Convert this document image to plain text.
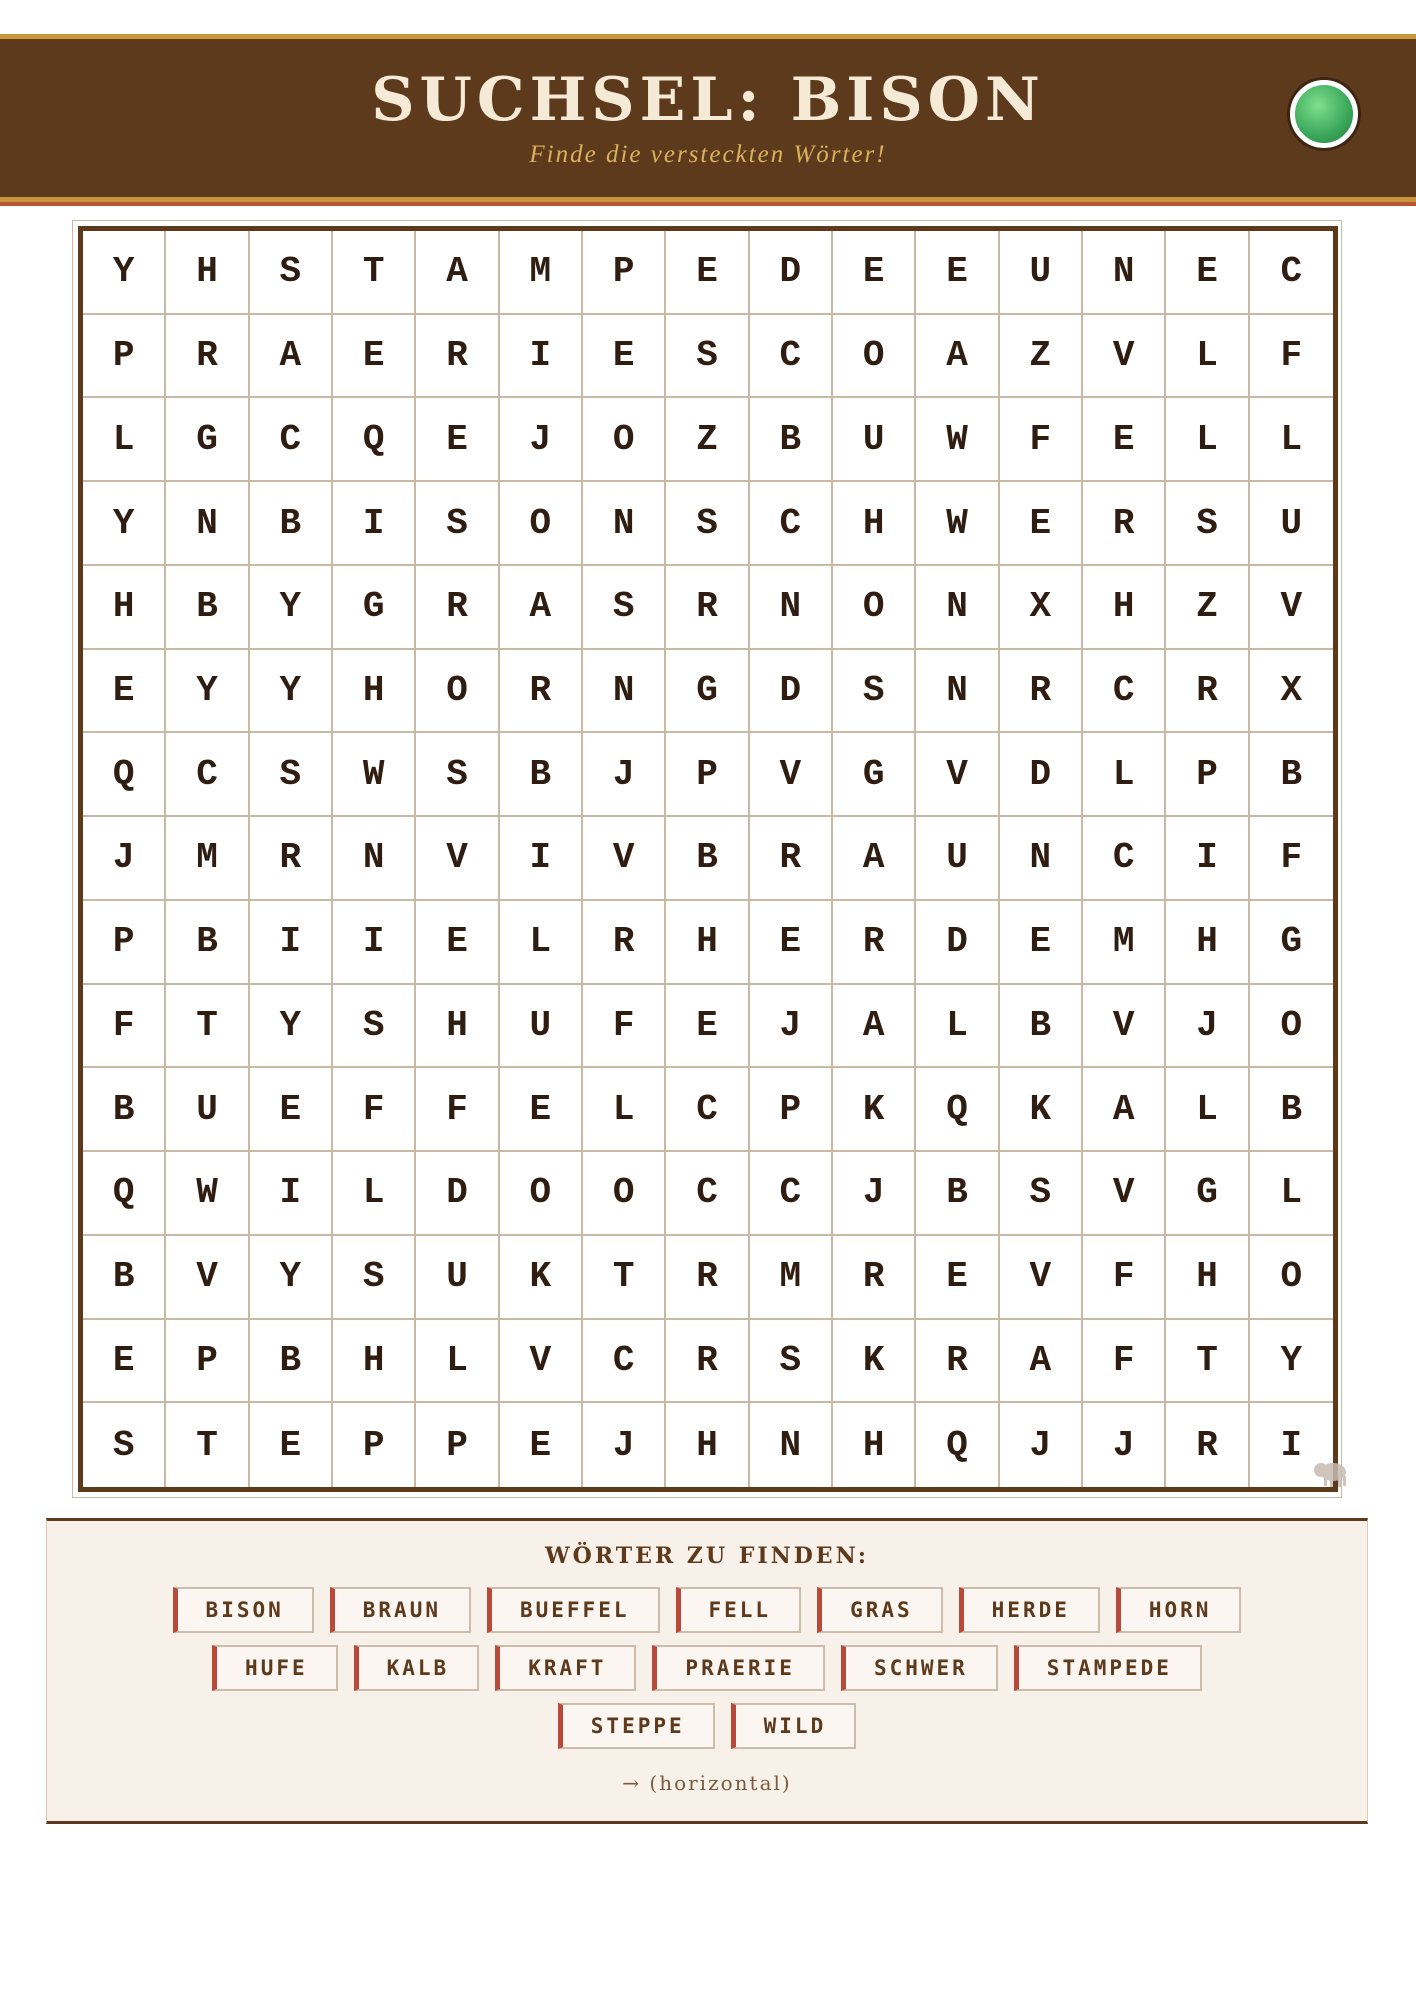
SUCHSEL: BISON
Finde die versteckten Wörter!
Y	H	S	T	A	M	P	E	D	E	E	U	N	E	C
P	R	A	E	R	I	E	S	C	O	A	Z	V	L	F
L	G	C	Q	E	J	O	Z	B	U	W	F	E	L	L
Y	N	B	I	S	O	N	S	C	H	W	E	R	S	U
H	B	Y	G	R	A	S	R	N	O	N	X	H	Z	V
E	Y	Y	H	O	R	N	G	D	S	N	R	C	R	X
Q	C	S	W	S	B	J	P	V	G	V	D	L	P	B
J	M	R	N	V	I	V	B	R	A	U	N	C	I	F
P	B	I	I	E	L	R	H	E	R	D	E	M	H	G
F	T	Y	S	H	U	F	E	J	A	L	B	V	J	O
B	U	E	F	F	E	L	C	P	K	Q	K	A	L	B
Q	W	I	L	D	O	O	C	C	J	B	S	V	G	L
B	V	Y	S	U	K	T	R	M	R	E	V	F	H	O
E	P	B	H	L	V	C	R	S	K	R	A	F	T	Y
S	T	E	P	P	E	J	H	N	H	Q	J	J	R	I
WÖRTER ZU FINDEN:
BISON	BRAUN	BUEFFEL	FELL	GRAS	HERDE	HORN
HUFE	KALB	KRAFT	PRAERIE	SCHWER	STAMPEDE
STEPPE	WILD
→ (horizontal)
